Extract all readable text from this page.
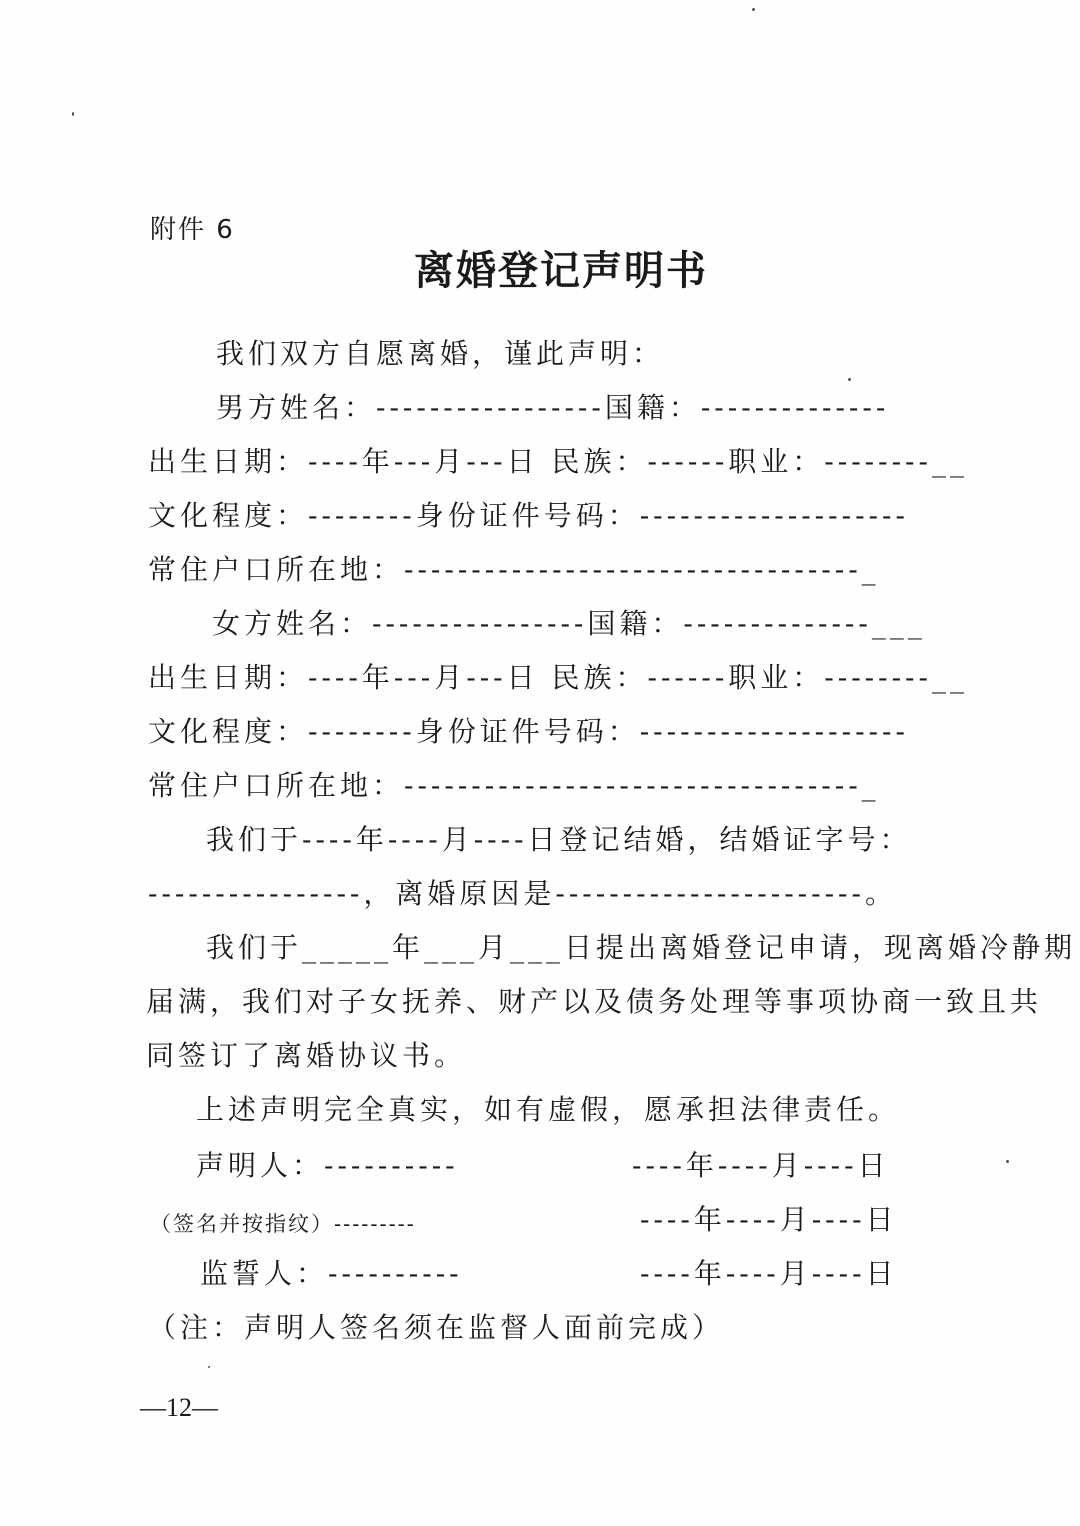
附件 6
离婚登记声明书
我们双方自愿离婚，谨此声明：
男方姓名：-----------------国籍：--------------
出生日期：----年---月---日 民族：------职业：--------__
文化程度：--------身份证件号码：--------------------
常住户口所在地：----------------------------------_
女方姓名：----------------国籍：--------------___
出生日期：----年---月---日 民族：------职业：--------__
文化程度：--------身份证件号码：--------------------
常住户口所在地：----------------------------------_
我们于----年----月----日登记结婚，结婚证字号：
----------------，离婚原因是-----------------------。
我们于_____年___月___日提出离婚登记申请，现离婚冷静期
届满，我们对子女抚养、财产以及债务处理等事项协商一致且共
同签订了离婚协议书。
上述声明完全真实，如有虚假，愿承担法律责任。
声明人：----------	----年----月----日
（签名并按指纹）---------	----年----月----日
监誓人：----------	----年----月----日
（注：声明人签名须在监督人面前完成）
—12—
